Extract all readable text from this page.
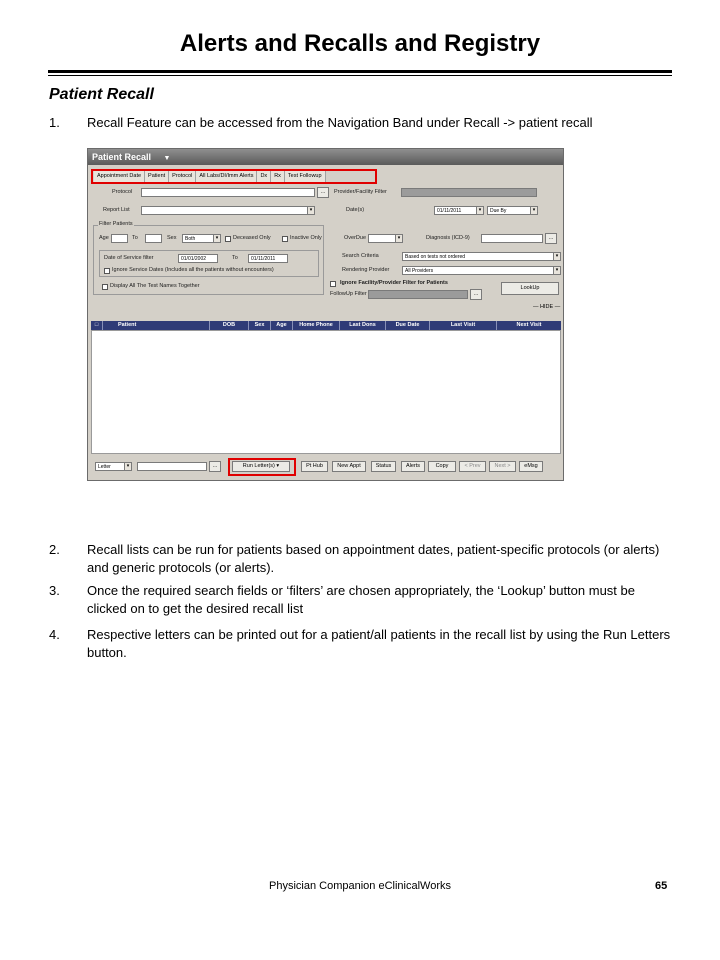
Alerts and Recalls and Registry
Patient Recall
1. Recall Feature can be accessed from the Navigation Band under Recall -> patient recall
Patient Recall ▼
Appointment Date	Patient	Protocol	All Labs/DI/Imm Alerts	Dx	Rx	Test Followup
Protocol	...	Provider/Facility Filter
Report List	▾	Date(s)	01/11/2011	▾	Due By	▾
Filter Patients
Age	To	Sex	Both	▾	Deceased Only	Inactive Only	OverDue	▾	Diagnosis (ICD-9)	...
Date of Service filter	01/01/2002	To	01/11/2011
Ignore Service Dates (Includes all the patients without encounters)
Search Criteria	Based on tests not ordered	▾
Rendering Provider	All Providers	▾
Display All The Test Names Together	Ignore Facility/Provider Filter for Patients
FollowUp Filter	...
LookUp
— HIDE —
□	Patient	DOB	Sex	Age	Home Phone	Last Dons	Due Date	Last Visit	Next Visit
Letter	▾	...	Run Letter(s) ▾	Pt Hub	New Appt	Status	Alerts	Copy	< Prev	Next >	eMsg
2. Recall lists can be run for patients based on appointment dates, patient-specific protocols (or alerts) and generic protocols (or alerts).
3. Once the required search fields or ‘filters’ are chosen appropriately, the ‘Lookup’ button must be clicked on to get the desired recall list
4. Respective letters can be printed out for a patient/all patients in the recall list by using the Run Letters button.
Physician Companion eClinicalWorks	65
